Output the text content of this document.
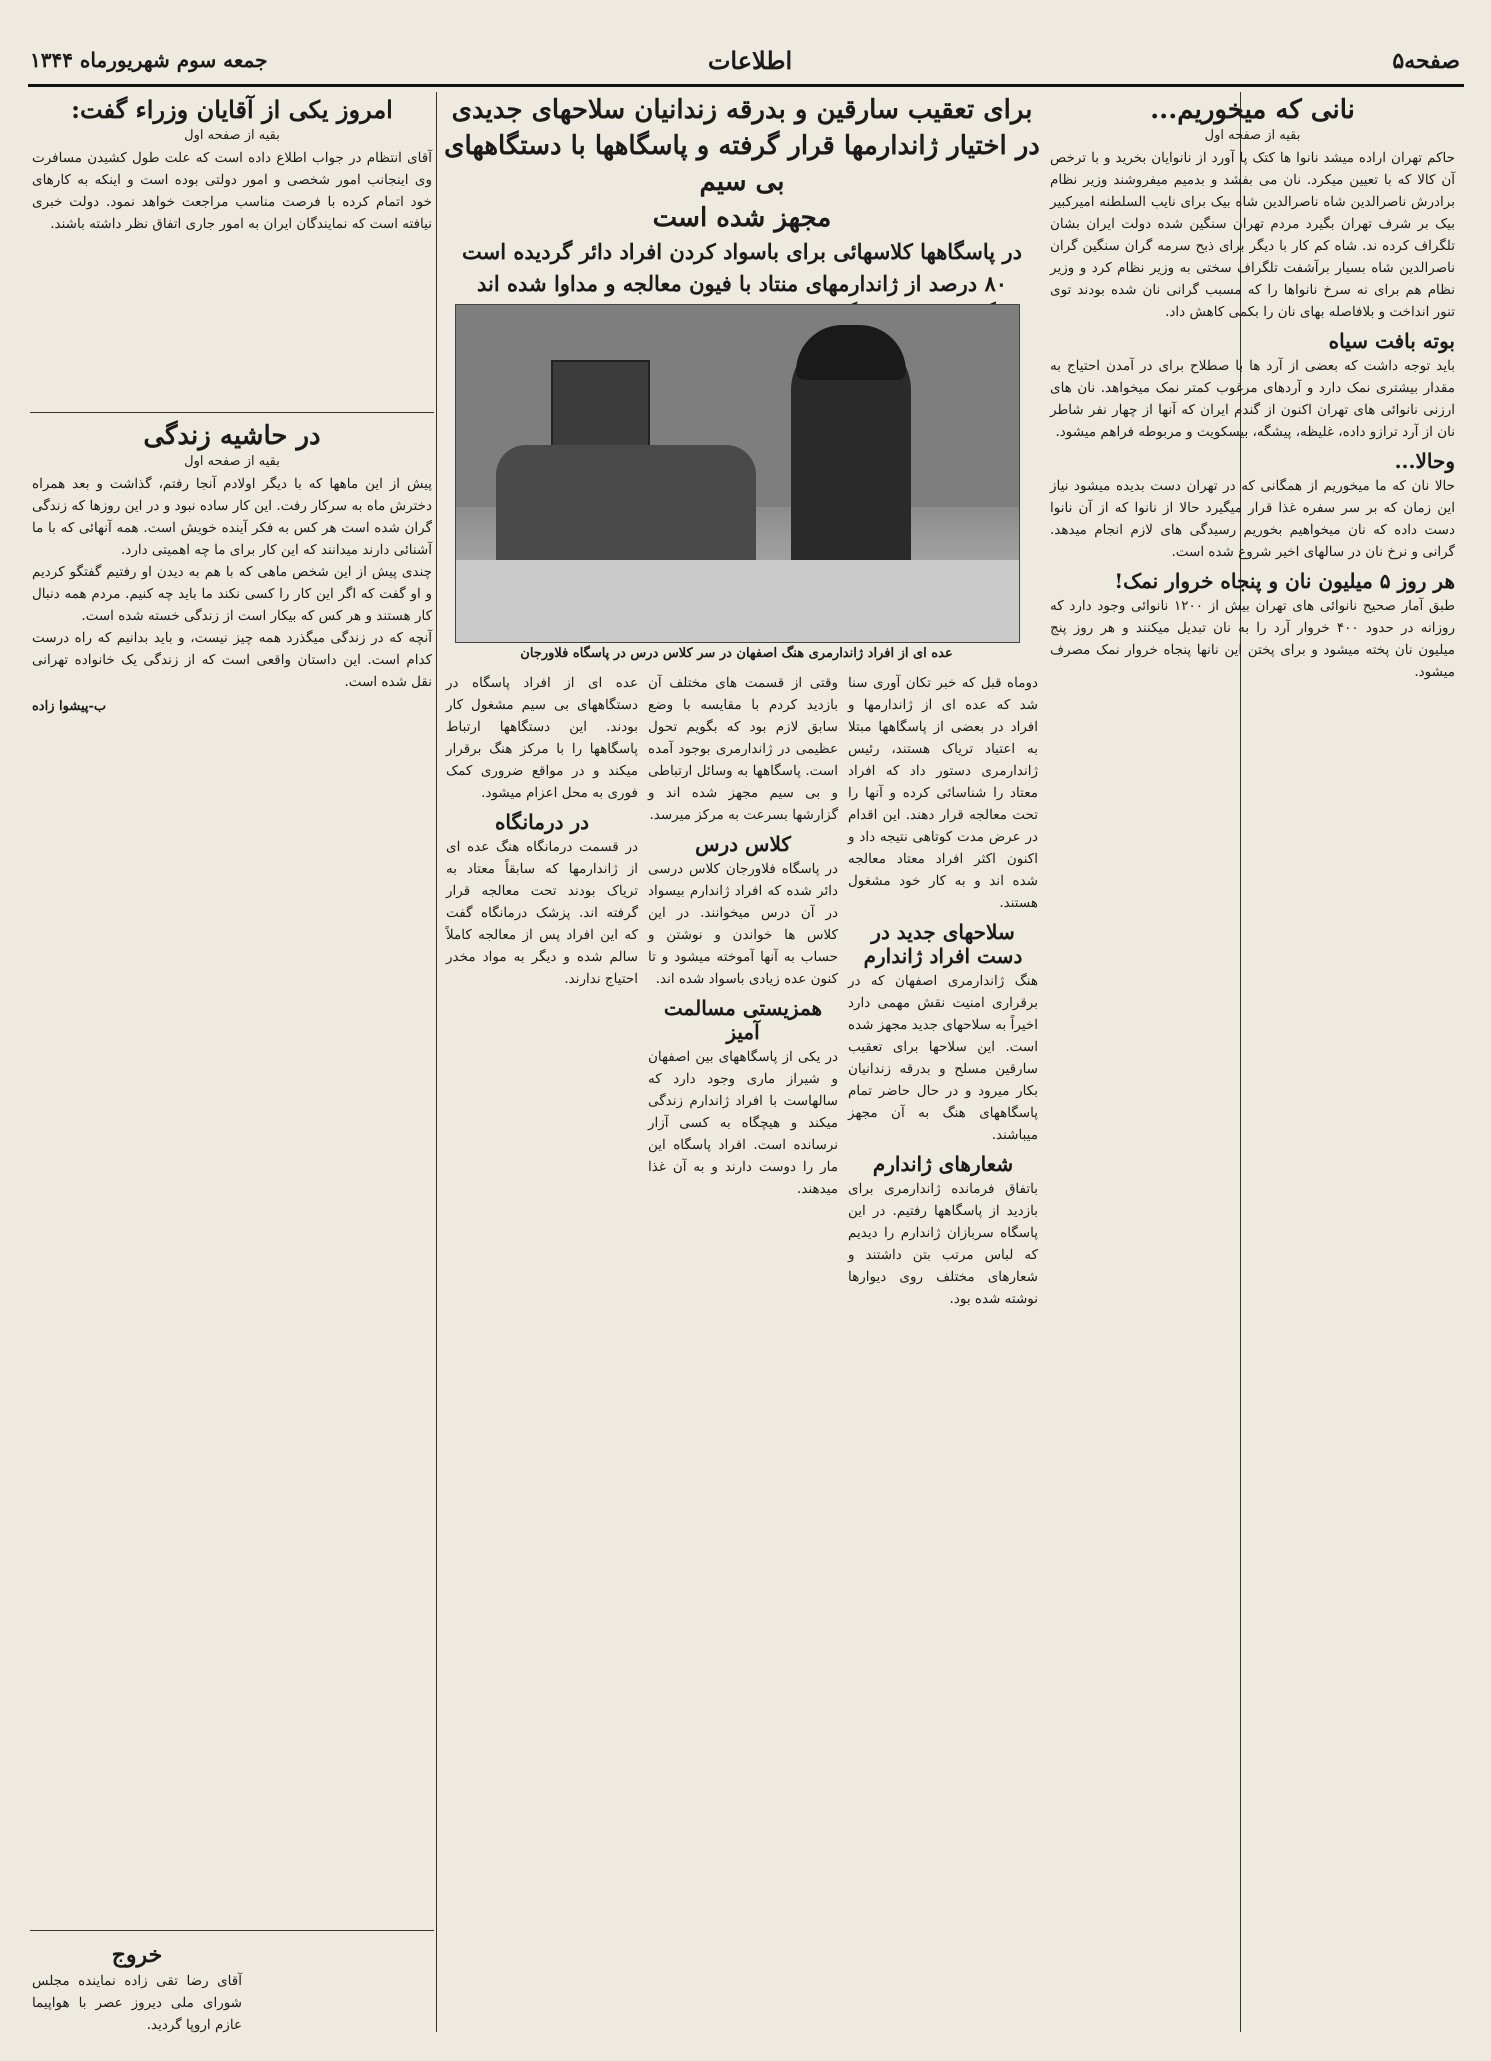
صفحه۵
اطلاعات
جمعه سوم شهریورماه ۱۳۴۴
نانی که میخوریم...
بقیه از صفحه اول

حاکم تهران اراده میشد نانوا ها کتک پا آورد از نانوایان بخرید و با ترخص آن کالا که با تعیین میکرد. نان می بفشد و بدمیم میفروشند وزیر نظام برادرش ناصرالدین شاه ناصرالدین شاه بیک برای نایب السلطنه امیرکبیر بیک بر شرف تهران بگیرد مردم تهران سنگین شده دولت ایران بشان تلگراف کرده ند. شاه کم کار با دیگر برای ذبح سرمه گران سنگین گران ناصرالدین شاه بسیار برآشفت تلگراف سختی به وزیر نظام کرد و وزیر نظام هم برای نه سرخ نانواها را که مسبب گرانی نان شده بودند توی تنور انداخت و بلافاصله بهای نان را بکمی کاهش داد.

بوته بافت سیاه

باید توجه داشت که بعضی از آرد ها با صطلاح برای در آمدن احتیاج به مقدار بیشتری نمک دارد و آردهای مرغوب کمتر نمک میخواهد. نان های ارزنی نانوائی های تهران اکنون از گندم ایران که آنها از چهار نفر شاطر نان از آرد ترازو داده، غلیظه، پیشگه، بیسکویت و مربوطه فراهم میشود.

وحالا...

حالا نان که ما میخوریم از همگانی که در تهران دست بدیده میشود نیاز این زمان که بر سر سفره غذا قرار میگیرد حالا از نانوا که از آن نانوا دست داده که نان میخواهیم بخوریم رسیدگی های لازم انجام میدهد. گرانی و نرخ نان در سالهای اخیر شروع شده است.

هر روز ۵ میلیون نان و پنجاه خروار نمک!

طبق آمار صحیح نانوائی های تهران بیش از ۱۲۰۰ نانوائی وجود دارد که روزانه در حدود ۴۰۰ خروار آرد را به نان تبدیل میکنند و هر روز پنج میلیون نان پخته میشود و برای پختن این نانها پنجاه خروار نمک مصرف میشود.

برای تعقیب سارقین و بدرقه زندانیان سلاحهای جدیدی
در اختیار ژاندارمها قرار گرفته و پاسگاهها با دستگاههای بی سیم
مجهز شده است
در پاسگاهها کلاسهائی برای باسواد کردن افراد دائر گردیده است
۸۰ درصد از ژاندارمهای منتاد با فیون معالجه و مداوا شده اند
عده ای از افراد ژاندارمری هنگ اصفهان در سر کلاس درس در پاسگاه فلاورجان

دوماه قبل که خبر تکان آوری سنا شد که عده ای از ژاندارمها و افراد در بعضی از پاسگاهها مبتلا به اعتیاد تریاک هستند، رئیس ژاندارمری دستور داد که افراد معتاد را شناسائی کرده و آنها را تحت معالجه قرار دهند. این اقدام در عرض مدت کوتاهی نتیجه داد و اکنون اکثر افراد معتاد معالجه شده اند و به کار خود مشغول هستند.

سلاحهای جدید در دست افراد ژاندارم

هنگ ژاندارمری اصفهان که در برقراری امنیت نقش مهمی دارد اخیراً به سلاحهای جدید مجهز شده است. این سلاحها برای تعقیب سارقین مسلح و بدرقه زندانیان بکار میرود و در حال حاضر تمام پاسگاههای هنگ به آن مجهز میباشند.

شعارهای ژاندارم

باتفاق فرمانده ژاندارمری برای بازدید از پاسگاهها رفتیم. در این پاسگاه سربازان ژاندارم را دیدیم که لباس مرتب بتن داشتند و شعارهای مختلف روی دیوارها نوشته شده بود.

وقتی از قسمت های مختلف آن بازدید کردم با مقایسه با وضع سابق لازم بود که بگویم تحول عظیمی در ژاندارمری بوجود آمده است. پاسگاهها به وسائل ارتباطی و بی سیم مجهز شده اند و گزارشها بسرعت به مرکز میرسد.

کلاس درس

در پاسگاه فلاورجان کلاس درسی دائر شده که افراد ژاندارم بیسواد در آن درس میخوانند. در این کلاس ها خواندن و نوشتن و حساب به آنها آموخته میشود و تا کنون عده زیادی باسواد شده اند.

همزیستی مسالمت آمیز

در یکی از پاسگاههای بین اصفهان و شیراز ماری وجود دارد که سالهاست با افراد ژاندارم زندگی میکند و هیچگاه به کسی آزار نرسانده است. افراد پاسگاه این مار را دوست دارند و به آن غذا میدهند.

عده ای از افراد پاسگاه در دستگاههای بی سیم مشغول کار بودند. این دستگاهها ارتباط پاسگاهها را با مرکز هنگ برقرار میکند و در مواقع ضروری کمک فوری به محل اعزام میشود.

در درمانگاه

در قسمت درمانگاه هنگ عده ای از ژاندارمها که سابقاً معتاد به تریاک بودند تحت معالجه قرار گرفته اند. پزشک درمانگاه گفت که این افراد پس از معالجه کاملاً سالم شده و دیگر به مواد مخدر احتیاج ندارند.

امروز یکی از آقایان وزراء گفت:
بقیه از صفحه اول

آقای انتظام در جواب اطلاع داده است که علت طول کشیدن مسافرت وی اینجانب امور شخصی و امور دولتی بوده است و اینکه به کارهای خود اتمام کرده با فرصت مناسب مراجعت خواهد نمود. دولت خبری نیافته است که نمایندگان ایران به امور جاری اتفاق نظر داشته باشند.

در حاشیه زندگی
بقیه از صفحه اول

پیش از این ماهها که با دیگر اولادم آنجا رفتم، گذاشت و بعد همراه دخترش ماه به سرکار رفت. این کار ساده نبود و در این روزها که زندگی گران شده است هر کس به فکر آینده خویش است. همه آنهائی که با ما آشنائی دارند میدانند که این کار برای ما چه اهمیتی دارد.

چندی پیش از این شخص ماهی که با هم به دیدن او رفتیم گفتگو کردیم و او گفت که اگر این کار را کسی نکند ما باید چه کنیم. مردم همه دنبال کار هستند و هر کس که بیکار است از زندگی خسته شده است.

آنچه که در زندگی میگذرد همه چیز نیست، و باید بدانیم که راه درست کدام است. این داستان واقعی است که از زندگی یک خانواده تهرانی نقل شده است.

ب-پیشوا زاده
خروج

آقای رضا تقی زاده نماینده مجلس شورای ملی دیروز عصر با هواپیما عازم اروپا گردید.
